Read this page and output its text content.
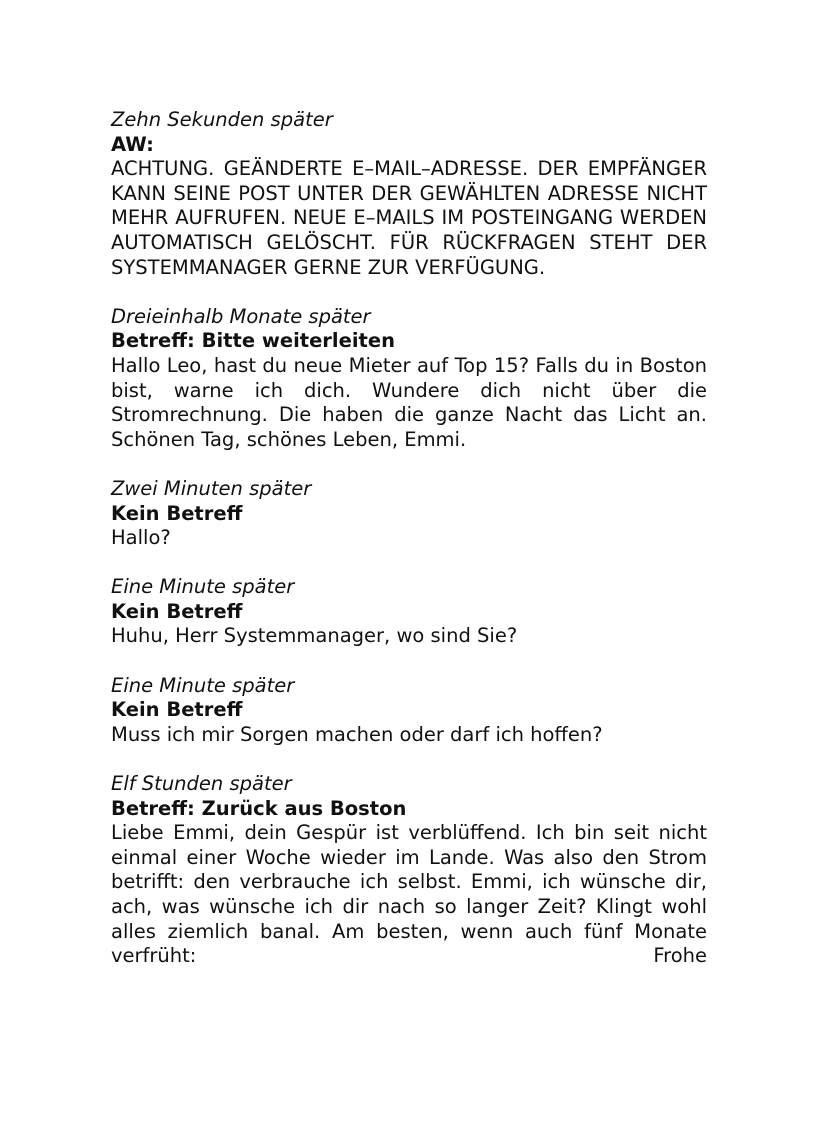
Zehn Sekunden später
AW:
ACHTUNG. GEÄNDERTE E–MAIL–ADRESSE. DER EMPFÄNGER KANN SEINE POST UNTER DER GEWÄHLTEN ADRESSE NICHT MEHR AUFRUFEN. NEUE E–MAILS IM POSTEINGANG WERDEN AUTOMATISCH GELÖSCHT. FÜR RÜCKFRAGEN STEHT DER SYSTEMMANAGER GERNE ZUR VERFÜGUNG.
Dreieinhalb Monate später
Betreff: Bitte weiterleiten
Hallo Leo, hast du neue Mieter auf Top 15? Falls du in Boston bist, warne ich dich. Wundere dich nicht über die Stromrechnung. Die haben die ganze Nacht das Licht an. Schönen Tag, schönes Leben, Emmi.
Zwei Minuten später
Kein Betreff
Hallo?
Eine Minute später
Kein Betreff
Huhu, Herr Systemmanager, wo sind Sie?
Eine Minute später
Kein Betreff
Muss ich mir Sorgen machen oder darf ich hoffen?
Elf Stunden später
Betreff: Zurück aus Boston
Liebe Emmi, dein Gespür ist verblüffend. Ich bin seit nicht einmal einer Woche wieder im Lande. Was also den Strom betrifft: den verbrauche ich selbst. Emmi, ich wünsche dir, ach, was wünsche ich dir nach so langer Zeit? Klingt wohl alles ziemlich banal. Am besten, wenn auch fünf Monate verfrüht: Frohe
